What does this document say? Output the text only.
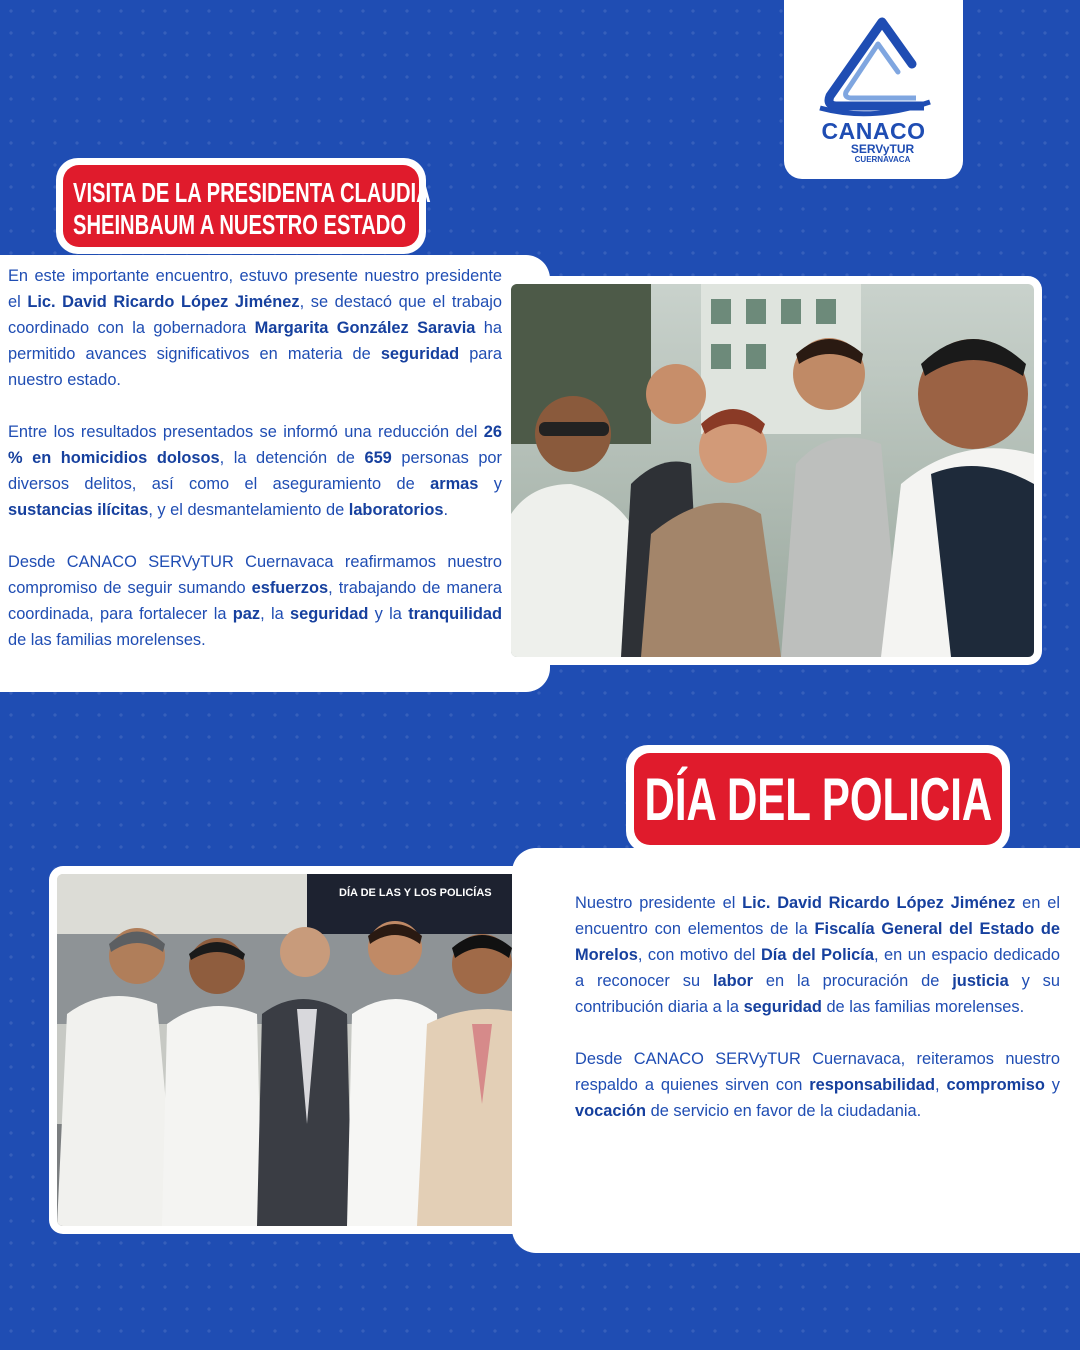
CANACO
SERVyTUR
CUERNAVACA
VISITA DE LA PRESIDENTA CLAUDIA
SHEINBAUM A NUESTRO ESTADO

En este importante encuentro, estuvo presente nuestro presidente el Lic. David Ricardo López Jiménez, se destacó que el trabajo coordinado con la gobernadora Margarita González Saravia ha permitido avances significativos en materia de seguridad para nuestro estado.

Entre los resultados presentados se informó una reducción del 26 % en homicidios dolosos, la detención de 659 personas por diversos delitos, así como el aseguramiento de armas y sustancias ilícitas, y el desmantelamiento de laboratorios.

Desde CANACO SERVyTUR Cuernavaca reafirmamos nuestro compromiso de seguir sumando esfuerzos, trabajando de manera coordinada, para fortalecer la paz, la seguridad y la tranquilidad de las familias morelenses.

DÍA DEL POLICIA
DÍA DE LAS Y LOS POLICÍAS

Nuestro presidente el Lic. David Ricardo López Jiménez en el encuentro con elementos de la Fiscalía General del Estado de Morelos, con motivo del Día del Policía, en un espacio dedicado a reconocer su labor en la procuración de justicia y su contribución diaria a la seguridad de las familias morelenses.

Desde CANACO SERVyTUR Cuernavaca, reiteramos nuestro respaldo a quienes sirven con responsabilidad, compromiso y vocación de servicio en favor de la ciudadania.
